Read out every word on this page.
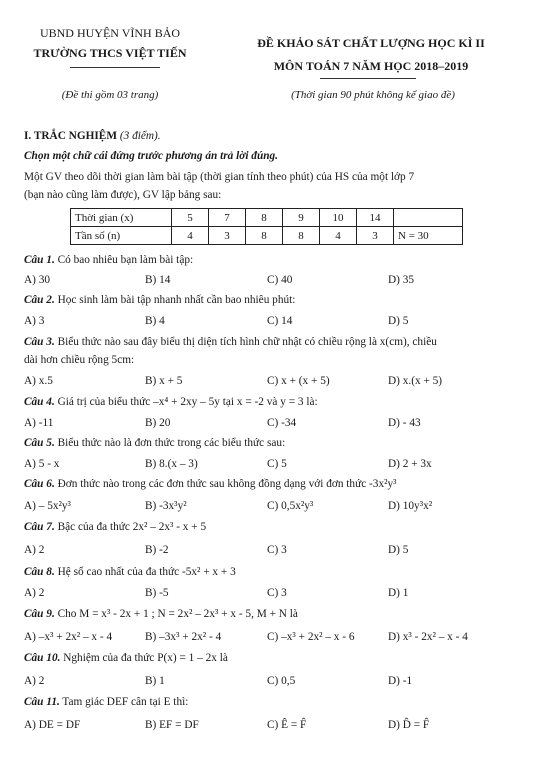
UBND HUYỆN VĨNH BẢO
TRƯỜNG THCS VIỆT TIẾN
ĐỀ KHẢO SÁT CHẤT LƯỢNG HỌC KÌ II
MÔN TOÁN 7 NĂM HỌC 2018–2019
(Đề thi gồm 03 trang)	(Thời gian 90 phút không kể giao đề)
I. TRẮC NGHIỆM (3 điểm).
Chọn một chữ cái đứng trước phương án trả lời đúng.
Một GV theo dõi thời gian làm bài tập (thời gian tính theo phút) của HS của một lớp 7
(bạn nào cũng làm được), GV lập bảng sau:
Thời gian (x)	5	7	8	9	10	14	
Tần số (n)	4	3	8	8	4	3	N = 30
Câu 1. Có bao nhiêu bạn làm bài tập:
A) 30	B) 14	C) 40	D) 35
Câu 2. Học sinh làm bài tập nhanh nhất cần bao nhiêu phút:
A) 3	B) 4	C) 14	D) 5
Câu 3. Biểu thức nào sau đây biểu thị diện tích hình chữ nhật có chiều rộng là x(cm), chiều
dài hơn chiều rộng 5cm:
A) x.5	B) x + 5	C) x + (x + 5)	D) x.(x + 5)
Câu 4. Giá trị của biểu thức –x⁴ + 2xy – 5y tại x = -2 và y = 3 là:
A) -11	B) 20	C) -34	D) - 43
Câu 5. Biểu thức nào là đơn thức trong các biểu thức sau:
A) 5 - x	B) 8.(x – 3)	C) 5	D) 2 + 3x
Câu 6. Đơn thức nào trong các đơn thức sau không đồng dạng với đơn thức -3x²y³
A) – 5x²y³	B) -3x³y²	C) 0,5x²y³	D) 10y³x²
Câu 7. Bậc của đa thức 2x² – 2x³ - x + 5
A) 2	B) -2	C) 3	D) 5
Câu 8. Hệ số cao nhất của đa thức -5x² + x + 3
A) 2	B) -5	C) 3	D) 1
Câu 9. Cho M = x³ - 2x + 1 ; N = 2x² – 2x³ + x - 5, M + N là
A) –x³ + 2x² – x - 4	B) –3x³ + 2x² - 4	C) –x³ + 2x² – x - 6	D) x³ - 2x² – x - 4
Câu 10. Nghiệm của đa thức P(x) = 1 – 2x là
A) 2	B) 1	C) 0,5	D) -1
Câu 11. Tam giác DEF cân tại E thì:
A) DE = DF	B) EF = DF	C) Ê = F̂	D) D̂ = F̂
